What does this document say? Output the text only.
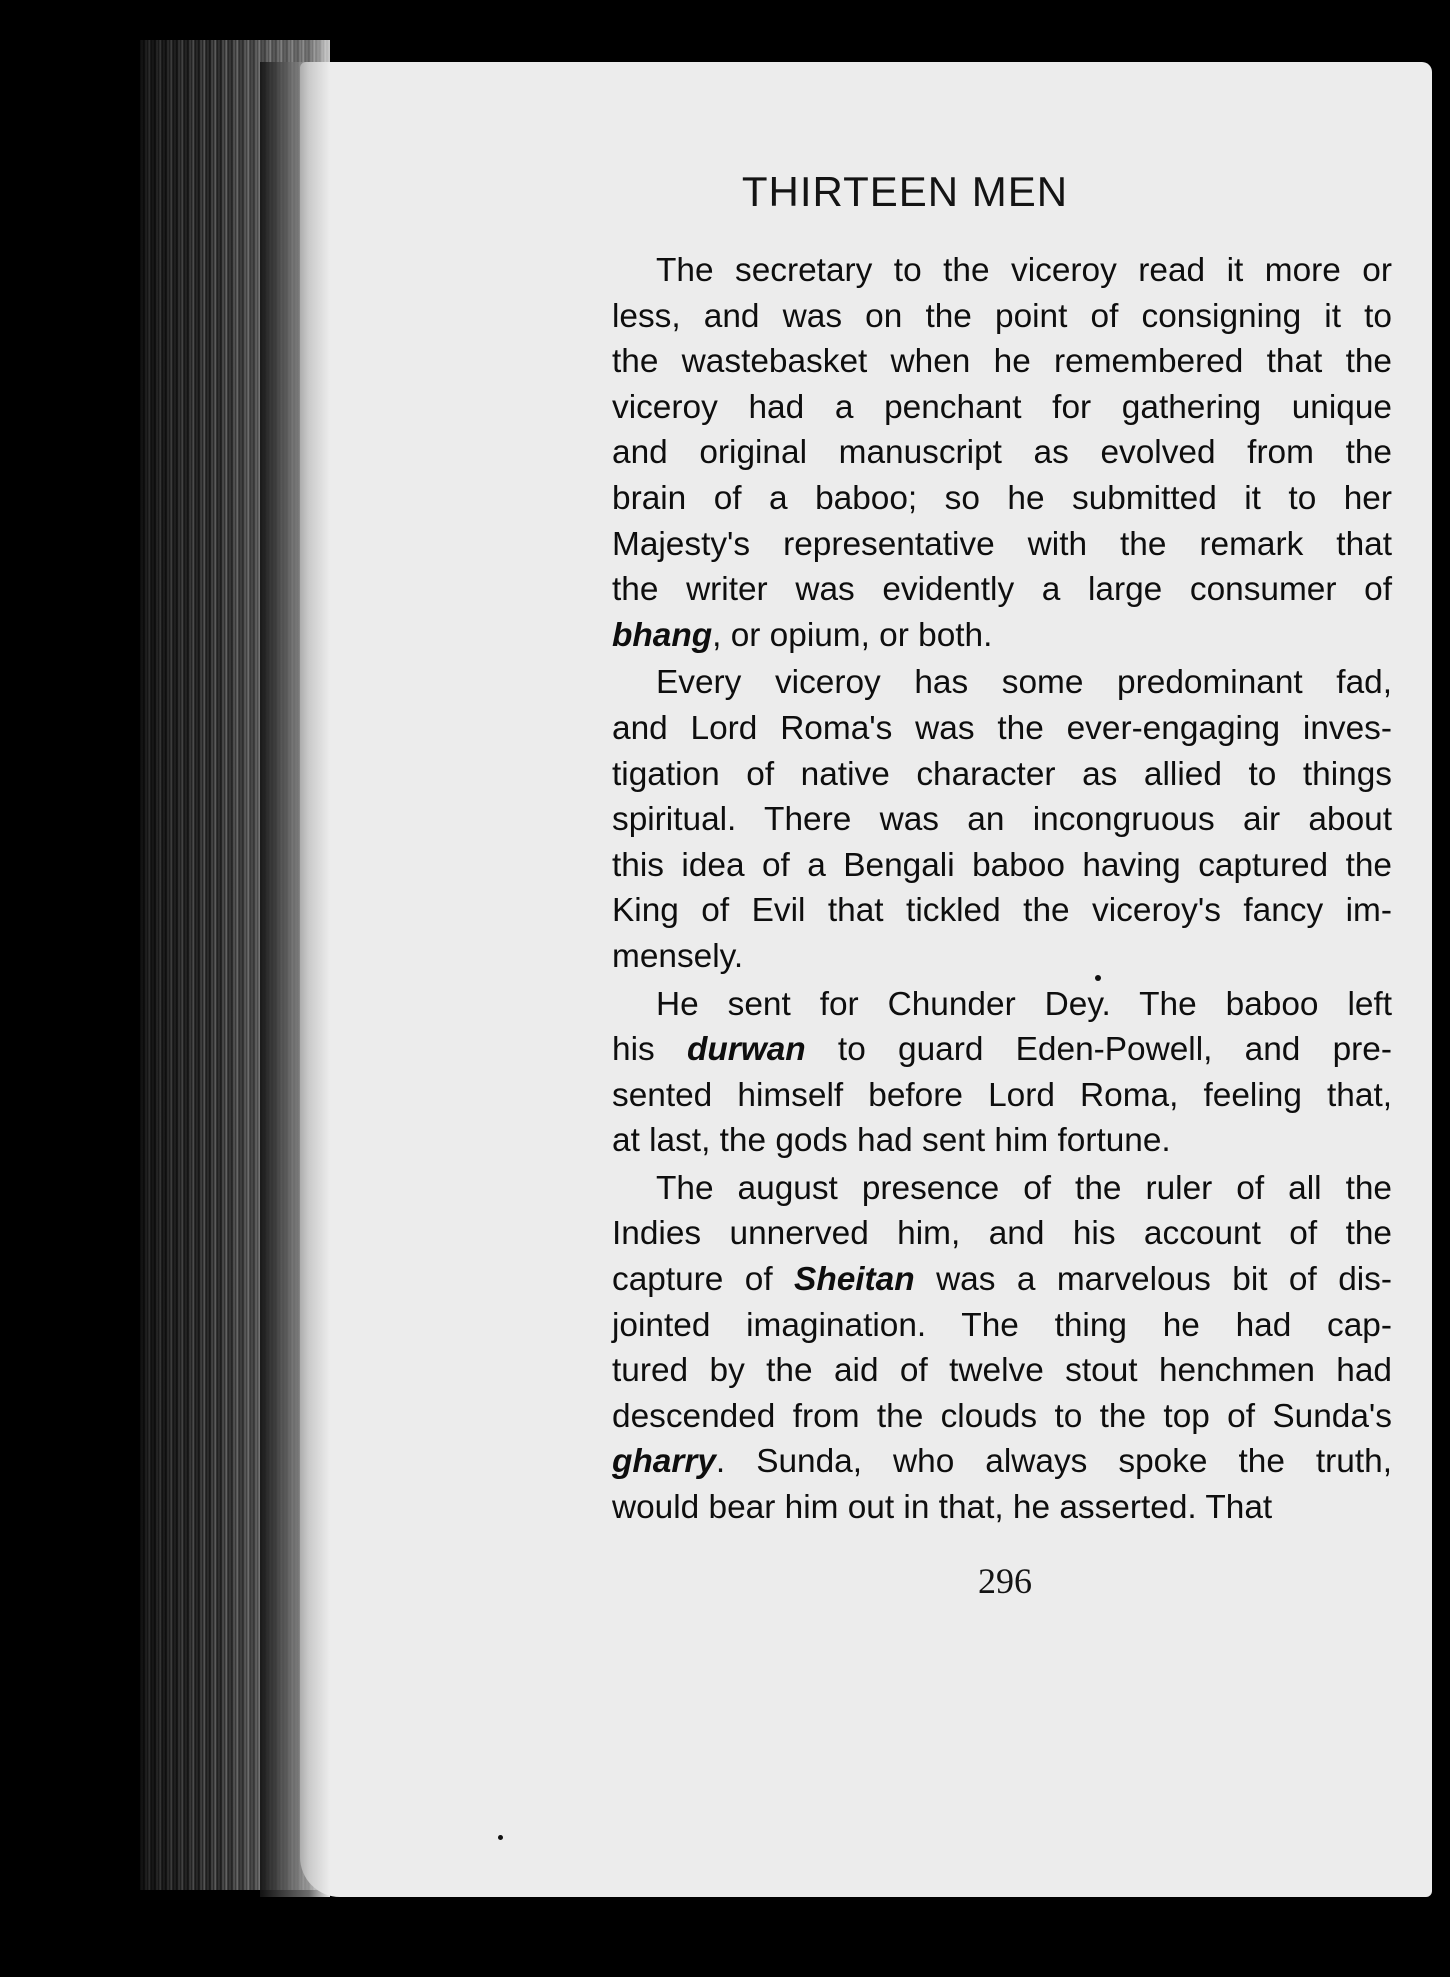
THIRTEEN MEN
The secretary to the viceroy read it more or
less, and was on the point of consigning it to
the wastebasket when he remembered that the
viceroy had a penchant for gathering unique
and original manuscript as evolved from the
brain of a baboo; so he submitted it to her
Majesty's representative with the remark that
the writer was evidently a large consumer of
bhang, or opium, or both.
Every viceroy has some predominant fad,
and Lord Roma's was the ever-engaging inves-
tigation of native character as allied to things
spiritual. There was an incongruous air about
this idea of a Bengali baboo having captured the
King of Evil that tickled the viceroy's fancy im-
mensely.
He sent for Chunder Dey. The baboo left
his durwan to guard Eden-Powell, and pre-
sented himself before Lord Roma, feeling that,
at last, the gods had sent him fortune.
The august presence of the ruler of all the
Indies unnerved him, and his account of the
capture of Sheitan was a marvelous bit of dis-
jointed imagination. The thing he had cap-
tured by the aid of twelve stout henchmen had
descended from the clouds to the top of Sunda's
gharry. Sunda, who always spoke the truth,
would bear him out in that, he asserted. That
296
